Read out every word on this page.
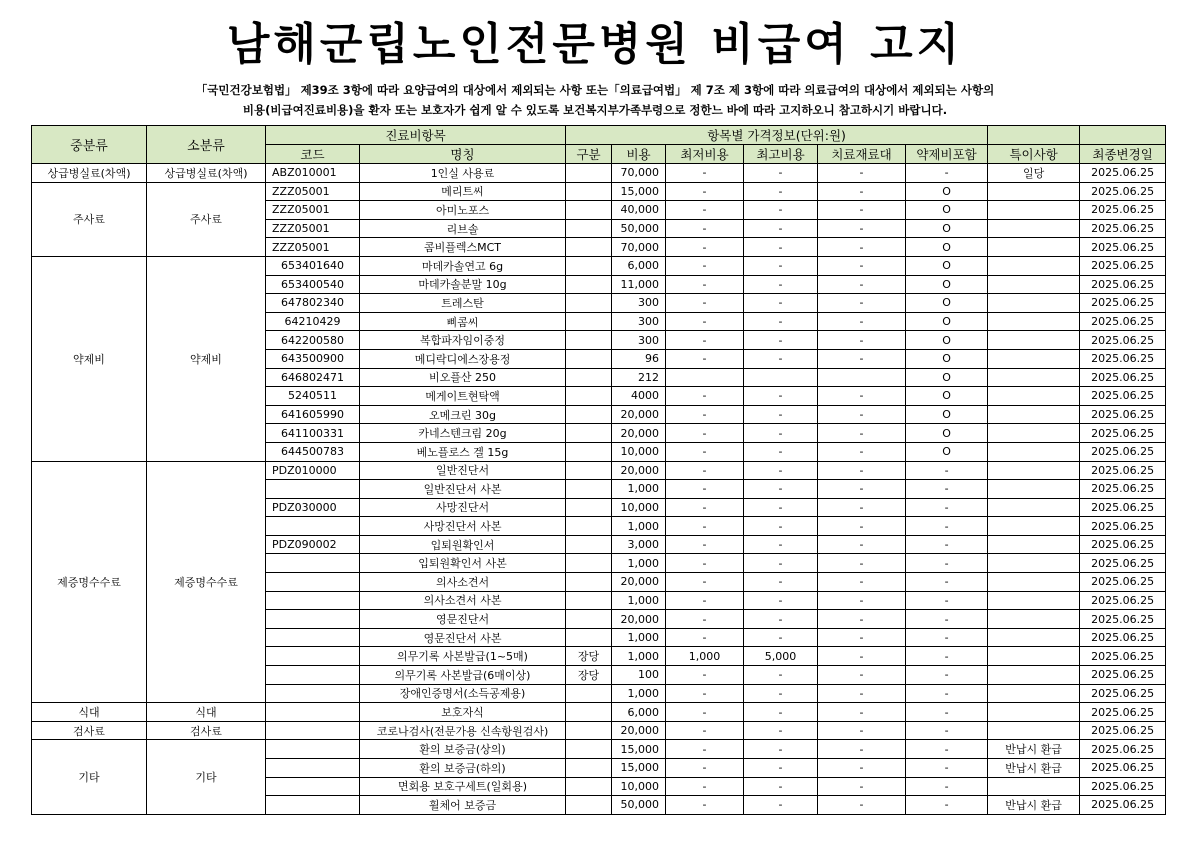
남해군립노인전문병원 비급여 고지
「국민건강보험법」 제39조 3항에 따라 요양급여의 대상에서 제외되는 사항 또는「의료급여법」 제 7조 제 3항에 따라 의료급여의 대상에서 제외되는 사항의
비용(비급여진료비용)을 환자 또는 보호자가 쉽게 알 수 있도록 보건복지부가족부령으로 정한느 바에 따라 고지하오니 참고하시기 바랍니다.
중분류	소분류	진료비항목		항목별 가격정보(단위:원)							
		코드	명칭	구분	비용	최저비용	최고비용	치료재료대	약제비포함	특이사항	최종변경일
상급병실료(차액)	상급병실료(차액)	ABZ010001	1인실 사용료		70,000	-	-	-	-	일당	2025.06.25
주사료	주사료	ZZZ05001	메리트씨		15,000	-	-	-	O		2025.06.25
		ZZZ05001	아미노포스		40,000	-	-	-	O		2025.06.25
		ZZZ05001	리브솔		50,000	-	-	-	O		2025.06.25
		ZZZ05001	콤비플렉스MCT		70,000	-	-	-	O		2025.06.25
약제비	약제비	653401640	마데카솔연고 6g		6,000	-	-	-	O		2025.06.25
		653400540	마데카솔분말 10g		11,000	-	-	-	O		2025.06.25
		647802340	트레스탄		300	-	-	-	O		2025.06.25
		64210429	삐콤씨		300	-	-	-	O		2025.06.25
		642200580	복합파자임이중정		300	-	-	-	O		2025.06.25
		643500900	메디락디에스장용정		96	-	-	-	O		2025.06.25
		646802471	비오플산 250		212				O		2025.06.25
		5240511	메게이트현탁액		4000	-	-	-	O		2025.06.25
		641605990	오메크린 30g		20,000	-	-	-	O		2025.06.25
		641100331	카네스텐크림 20g		20,000	-	-	-	O		2025.06.25
		644500783	베노플로스 겔 15g		10,000	-	-	-	O		2025.06.25
제증명수수료	제증명수수료	PDZ010000	일반진단서		20,000	-	-	-	-		2025.06.25
			일반진단서 사본		1,000	-	-	-	-		2025.06.25
		PDZ030000	사망진단서		10,000	-	-	-	-		2025.06.25
			사망진단서 사본		1,000	-	-	-	-		2025.06.25
		PDZ090002	입퇴원확인서		3,000	-	-	-	-		2025.06.25
			입퇴원확인서 사본		1,000	-	-	-	-		2025.06.25
			의사소견서		20,000	-	-	-	-		2025.06.25
			의사소견서 사본		1,000	-	-	-	-		2025.06.25
			영문진단서		20,000	-	-	-	-		2025.06.25
			영문진단서 사본		1,000	-	-	-	-		2025.06.25
			의무기록 사본발급(1~5매)	장당	1,000	1,000	5,000	-	-		2025.06.25
			의무기록 사본발급(6매이상)	장당	100	-	-	-	-		2025.06.25
			장애인증명서(소득공제용)		1,000	-	-	-	-		2025.06.25
식대	식대		보호자식		6,000	-	-	-	-		2025.06.25
검사료	검사료		코로나검사(전문가용 신속항원검사)		20,000	-	-	-	-		2025.06.25
기타	기타		환의 보증금(상의)		15,000	-	-	-	-	반납시 환급	2025.06.25
			환의 보증금(하의)		15,000	-	-	-	-	반납시 환급	2025.06.25
			면회용 보호구세트(일회용)		10,000	-	-	-	-		2025.06.25
			휠체어 보증금		50,000	-	-	-	-	반납시 환급	2025.06.25
